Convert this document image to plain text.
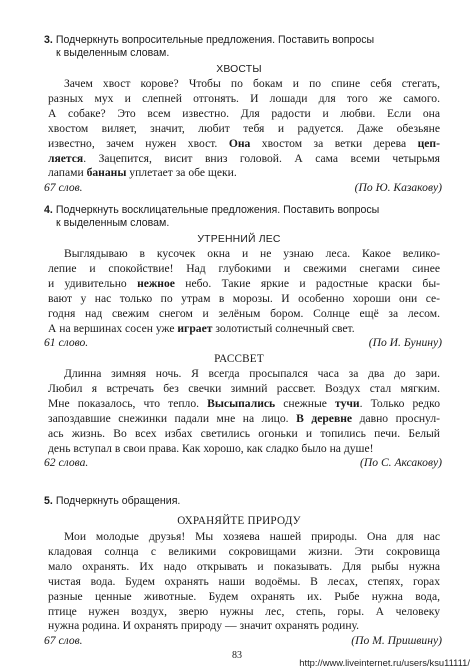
3. Подчеркнуть вопросительные предложения. Поставить вопросы
к выделенным словам.
ХВОСТЫ
Зачем хвост корове? Чтобы по бокам и по спине себя стегать,
разных мух и слепней отгонять. И лошади для того же самого.
А собаке? Это всем известно. Для радости и любви. Если она
хвостом виляет, значит, любит тебя и радуется. Даже обезьяне
известно, зачем нужен хвост. Она хвостом за ветки дерева цеп-
ляется. Зацепится, висит вниз головой. А сама всеми четырьмя
лапами бананы уплетает за обе щеки.
67 слов.	(По Ю. Казакову)
4. Подчеркнуть восклицательные предложения. Поставить вопросы
к выделенным словам.
УТРЕННИЙ ЛЕС
Выглядываю в кусочек окна и не узнаю леса. Какое велико-
лепие и спокойствие! Над глубокими и свежими снегами синее
и удивительно нежное небо. Такие яркие и радостные краски бы-
вают у нас только по утрам в морозы. И особенно хороши они се-
годня над свежим снегом и зелёным бором. Солнце ещё за лесом.
А на вершинах сосен уже играет золотистый солнечный свет.
61 слово.	(По И. Бунину)
РАССВЕТ
Длинна зимняя ночь. Я всегда просыпался часа за два до зари.
Любил я встречать без свечки зимний рассвет. Воздух стал мягким.
Мне показалось, что тепло. Высыпались снежные тучи. Только редко
запоздавшие снежинки падали мне на лицо. В деревне давно проснул-
ась жизнь. Во всех избах светились огоньки и топились печи. Белый
день вступал в свои права. Как хорошо, как сладко было на душе!
62 слова.	(По С. Аксакову)
5. Подчеркнуть обращения.
ОХРАНЯЙТЕ ПРИРОДУ
Мои молодые друзья! Мы хозяева нашей природы. Она для нас
кладовая солнца с великими сокровищами жизни. Эти сокровища
мало охранять. Их надо открывать и показывать. Для рыбы нужна
чистая вода. Будем охранять наши водоёмы. В лесах, степях, горах
разные ценные животные. Будем охранять их. Рыбе нужна вода,
птице нужен воздух, зверю нужны лес, степь, горы. А человеку
нужна родина. И охранять природу — значит охранять родину.
67 слов.	(По М. Пришвину)
83
http://www.liveinternet.ru/users/ksu11111/
